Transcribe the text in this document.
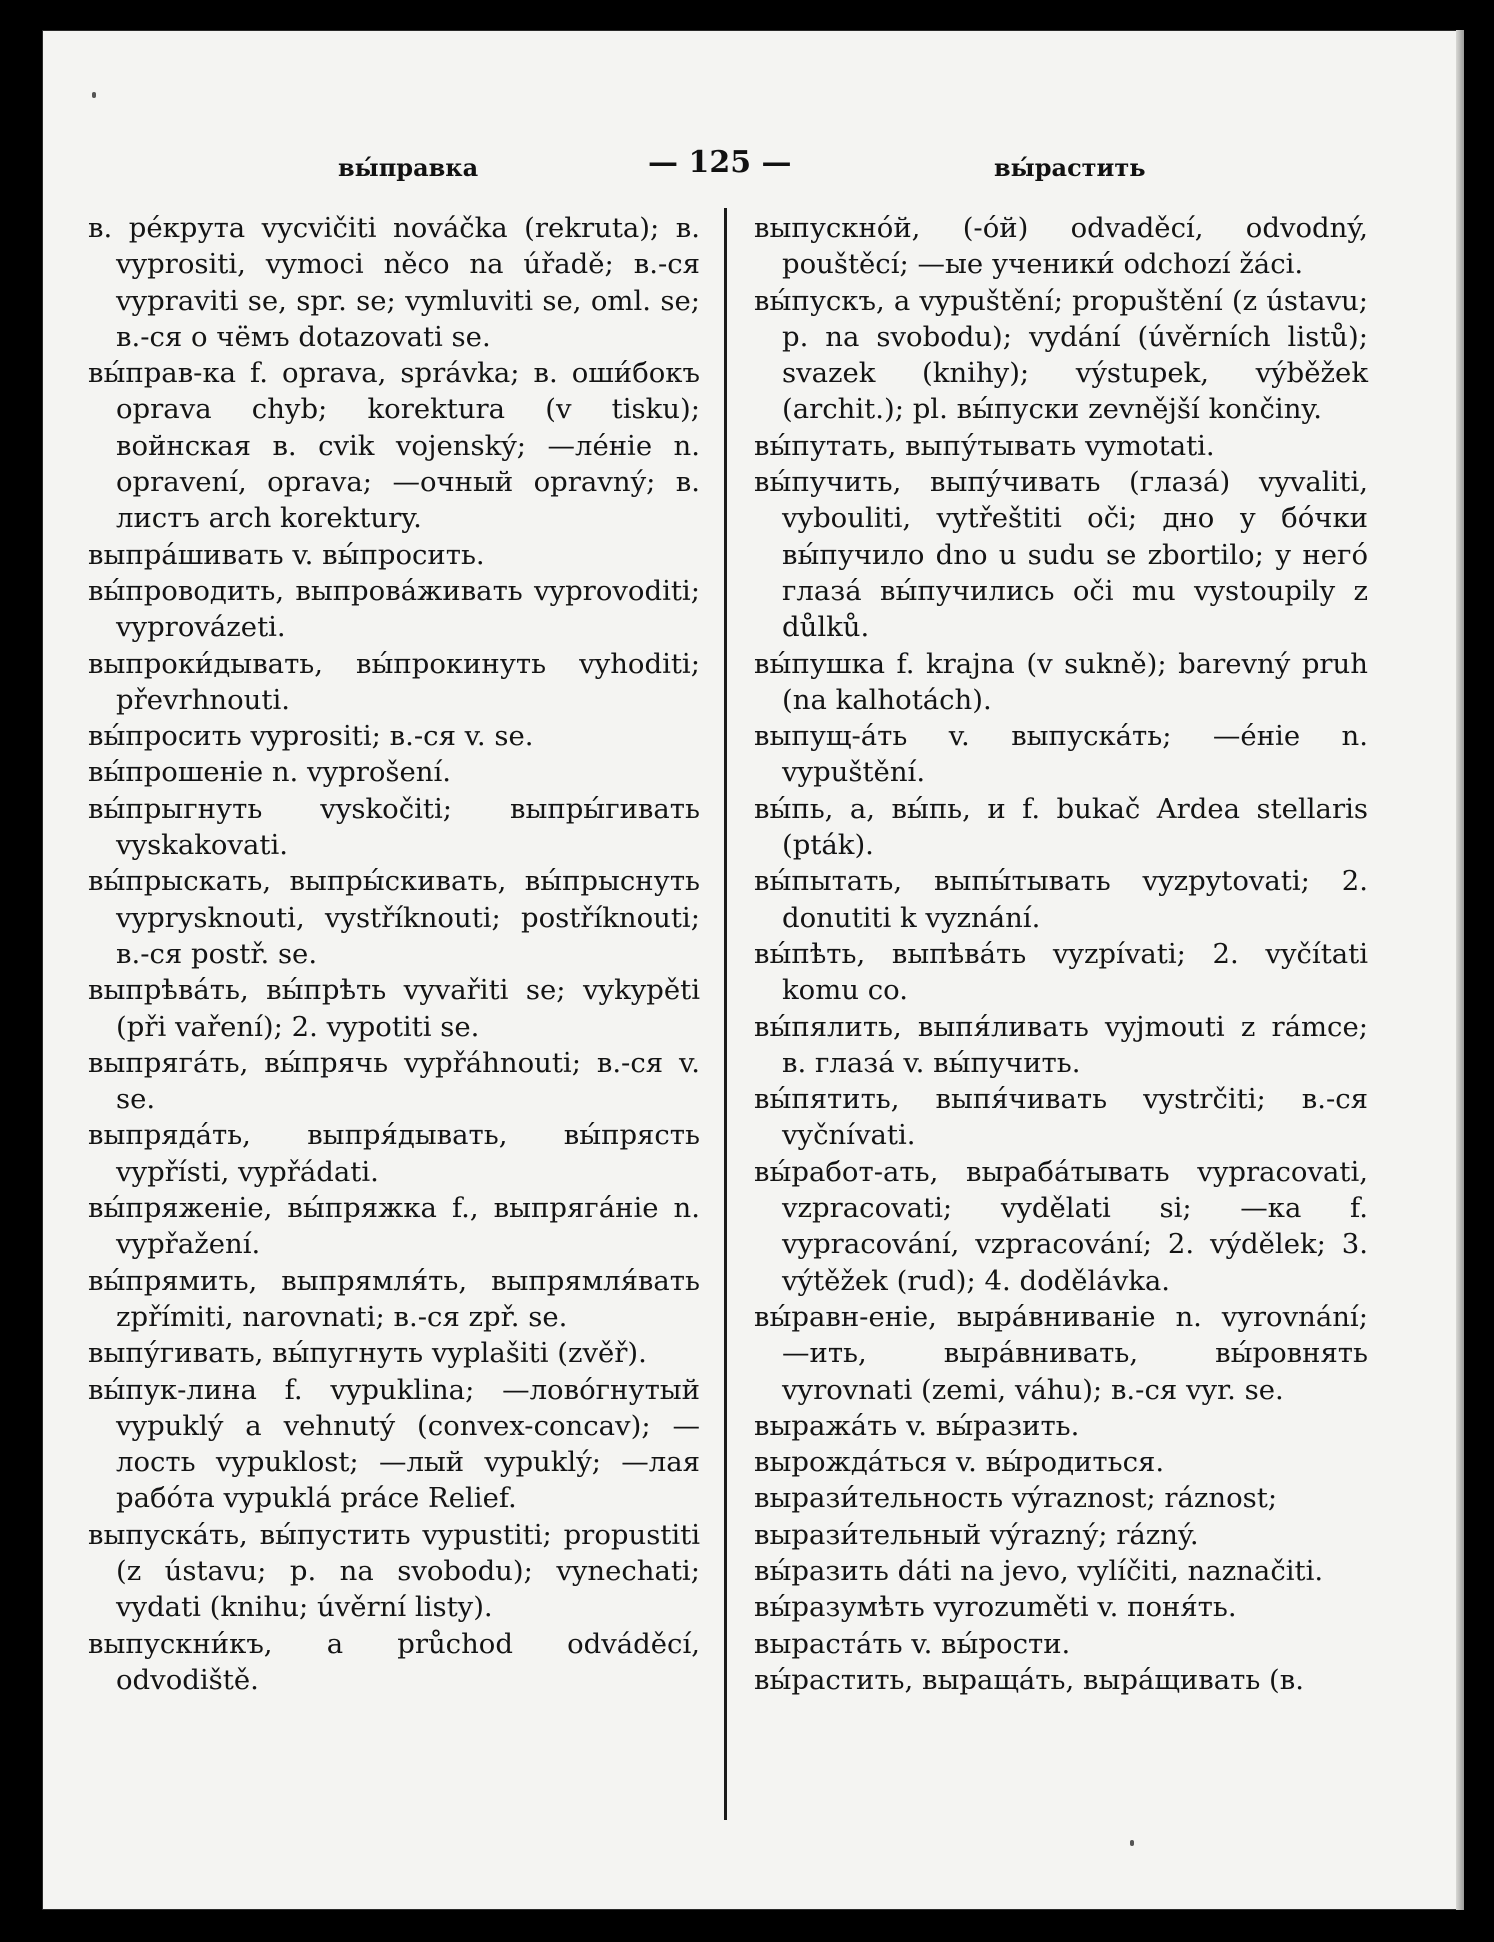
вы́правка	— 125 —	вы́растить

в. ре́крута vycvičiti nováčka (rekruta); в. vyprositi, vymoci něco na úřadě; в.-ся vypraviti se, spr. se; vymluviti se, oml. se; в.-ся о чёмъ dotazovati se.

вы́прав-ка f. oprava, správka; в. оши́бокъ oprava chyb; korektura (v tisku); войнская в. cvik vojenský; —ле́ніе n. opravení, oprava; —очный opravný; в. листъ arch korektury.

выпра́шивать v. вы́просить.

вы́проводить, выпрова́живать vyprovoditi; vyprovázeti.

выпроки́дывать, вы́прокинуть vyhoditi; převrhnouti.

вы́просить vyprositi; в.-ся v. se.

вы́прошеніе n. vyprošení.

вы́прыгнуть vyskočiti; выпры́гивать vyskakovati.

вы́прыскать, выпры́скивать, вы́прыснуть vyprysknouti, vystříknouti; postříknouti; в.-ся postř. se.

выпрѣва́ть, вы́прѣть vyvařiti se; vykypěti (při vaření); 2. vypotiti se.

выпряга́ть, вы́прячь vypřáhnouti; в.-ся v. se.

выпряда́ть, выпря́дывать, вы́прясть vypřísti, vypřádati.

вы́пряженіе, вы́пряжка f., выпряга́ніе n. vypřažení.

вы́прямить, выпрямля́ть, выпрямля́вать zpřímiti, narovnati; в.-ся zpř. se.

выпу́гивать, вы́пугнуть vyplašiti (zvěř).

вы́пук-лина f. vypuklina; —лово́гнутый vypuklý a vehnutý (convex-concav); —лость vypuklost; —лый vypuklý; —лая рабо́та vypuklá práce Relief.

выпуска́ть, вы́пустить vypustiti; propustiti (z ústavu; p. na svobodu); vynechati; vydati (knihu; úvěrní listy).

выпускни́къ, a průchod odváděcí, odvodiště.

выпускно́й, (-о́й) odvaděcí, odvodný, pouštěcí; —ые ученики́ odchozí žáci.

вы́пускъ, a vypuštění; propuštění (z ústavu; p. na svobodu); vydání (úvěrních listů); svazek (knihy); výstupek, výběžek (archit.); pl. вы́пуски zevnější končiny.

вы́путать, выпу́тывать vymotati.

вы́пучить, выпу́чивать (глаза́) vyvaliti, vybouliti, vytřeštiti oči; дно у бо́чки вы́пучило dno u sudu se zbortilo; у него́ глаза́ вы́пучились oči mu vystoupily z důlků.

вы́пушка f. krajna (v sukně); barevný pruh (na kalhotách).

выпущ-а́ть v. выпуска́ть; —е́ніе n. vypuštění.

вы́пь, a, вы́пь, и f. bukač Ardea stellaris (pták).

вы́пытать, выпы́тывать vyzpytovati; 2. donutiti k vyznání.

вы́пѣть, выпѣва́ть vyzpívati; 2. vyčítati komu co.

вы́пялить, выпя́ливать vyjmouti z rámce; в. глаза́ v. вы́пучить.

вы́пятить, выпя́чивать vystrčiti; в.-ся vyčnívati.

вы́работ-ать, выраба́тывать vypracovati, vzpracovati; vydělati si; —ка f. vypracování, vzpracování; 2. výdělek; 3. výtěžek (rud); 4. dodělávka.

вы́равн-еніе, выра́вниваніе n. vyrovnání; —ить, выра́внивать, вы́ровнять vyrovnati (zemi, váhu); в.-ся vyr. se.

выража́ть v. вы́разить.

вырожда́ться v. вы́родиться.

вырази́тельность výraznost; ráznost;

вырази́тельный výrazný; rázný.

вы́разить dáti na jevo, vylíčiti, naznačiti.

вы́разумѣть vyrozuměti v. поня́ть.

выраста́ть v. вы́рости.

вы́растить, выраща́ть, выра́щивать (в.
